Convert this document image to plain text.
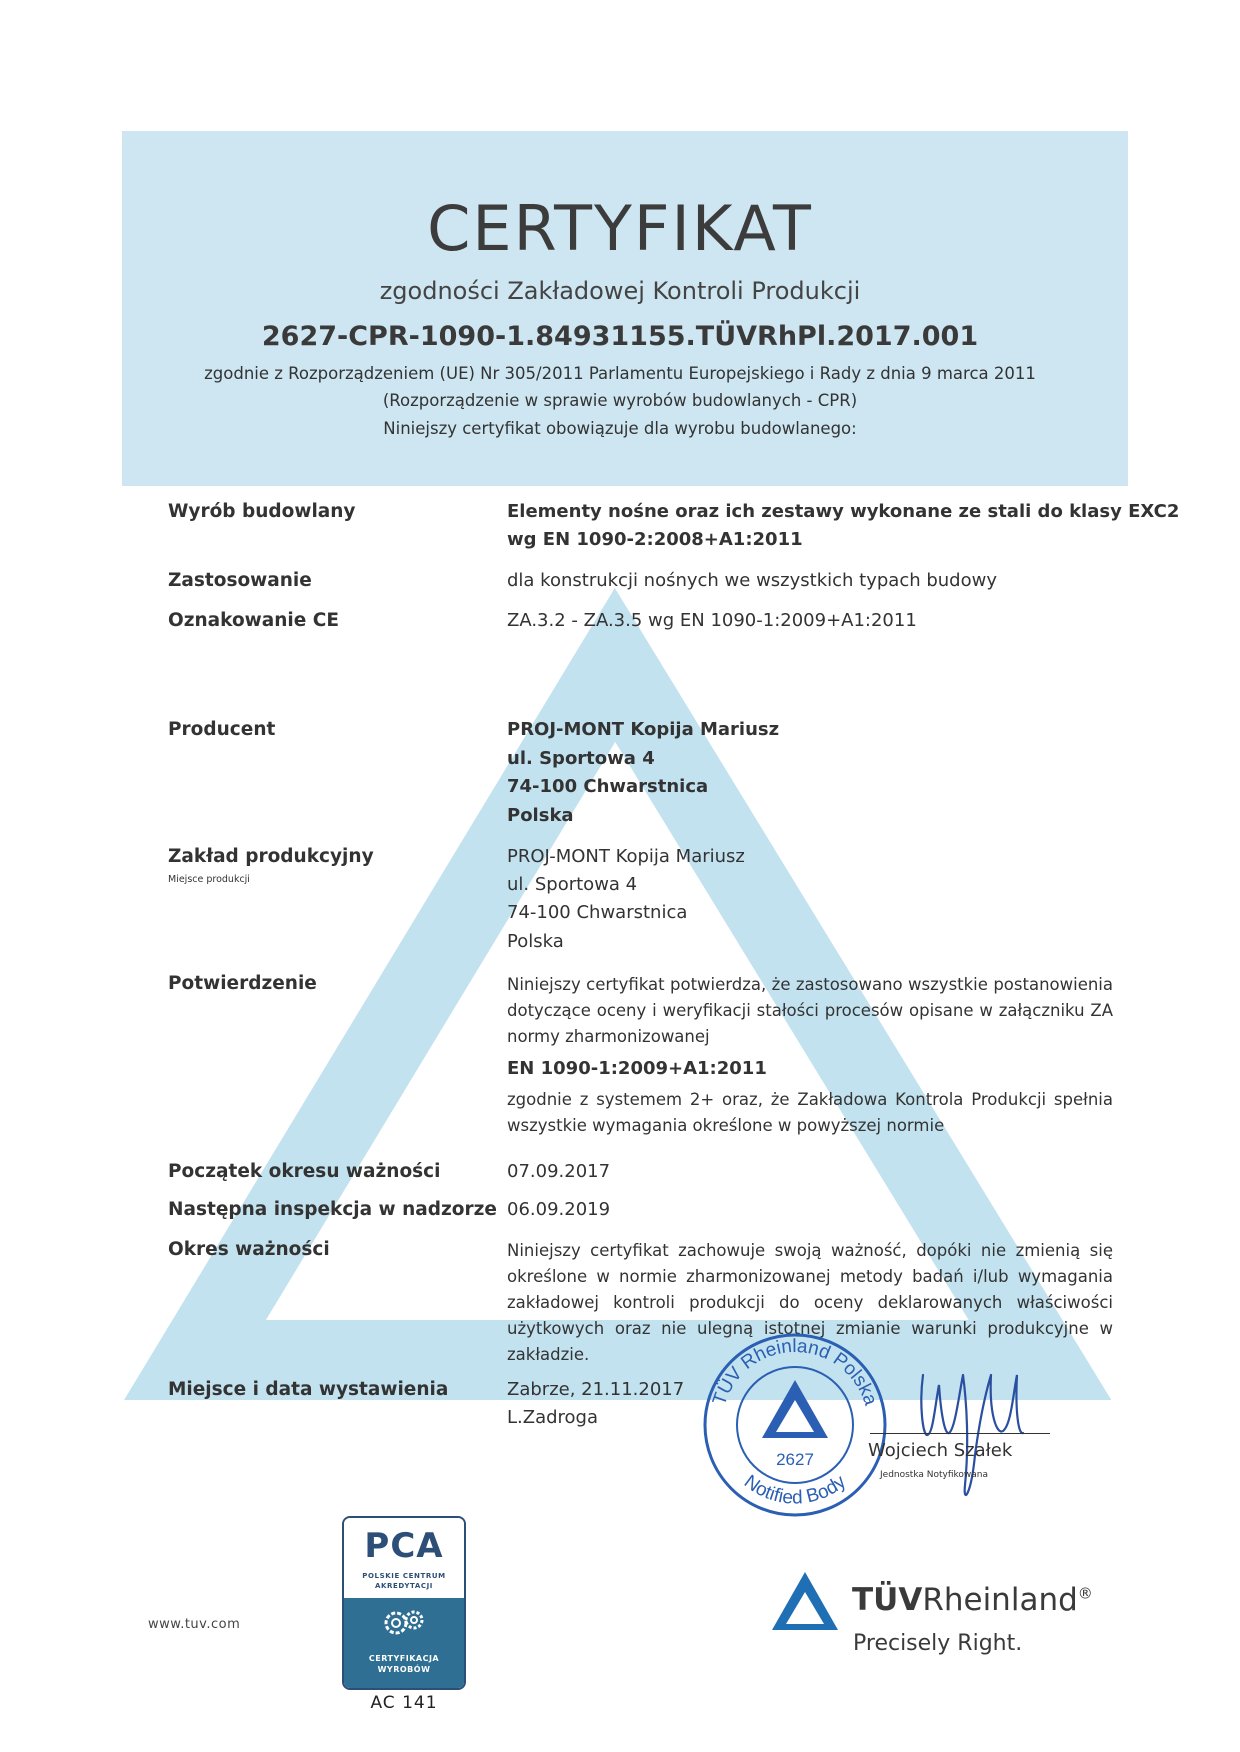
CERTYFIKAT
zgodności Zakładowej Kontroli Produkcji
2627-CPR-1090-1.84931155.TÜVRhPl.2017.001
zgodnie z Rozporządzeniem (UE) Nr 305/2011 Parlamentu Europejskiego i Rady z dnia 9 marca 2011
(Rozporządzenie w sprawie wyrobów budowlanych - CPR)
Niniejszy certyfikat obowiązuje dla wyrobu budowlanego:
Wyrób budowlany	Elementy nośne oraz ich zestawy wykonane ze stali do klasy EXC2
wg EN 1090-2:2008+A1:2011
Zastosowanie	dla konstrukcji nośnych we wszystkich typach budowy
Oznakowanie CE	ZA.3.2 - ZA.3.5 wg EN 1090-1:2009+A1:2011
Producent	PROJ-MONT Kopija Mariusz
ul. Sportowa 4
74-100 Chwarstnica
Polska
Zakład produkcyjny
Miejsce produkcji
PROJ-MONT Kopija Mariusz
ul. Sportowa 4
74-100 Chwarstnica
Polska
Potwierdzenie	Niniejszy certyfikat potwierdza, że zastosowano wszystkie postanowienia dotyczące oceny i weryfikacji stałości procesów opisane w załączniku ZA normy zharmonizowanej
EN 1090-1:2009+A1:2011
zgodnie z systemem 2+ oraz, że Zakładowa Kontrola Produkcji spełnia wszystkie wymagania określone w powyższej normie
Początek okresu ważności	07.09.2017
Następna inspekcja w nadzorze 06.09.2019
Okres ważności	Niniejszy certyfikat zachowuje swoją ważność, dopóki nie zmienią się określone w normie zharmonizowanej metody badań i/lub wymagania zakładowej kontroli produkcji do oceny deklarowanych właściwości użytkowych oraz nie ulegną istotnej zmianie warunki produkcyjne w zakładzie.
Miejsce i data wystawienia	Zabrze, 21.11.2017
L.Zadroga
TÜV Rheinland Polska
2627
Notified Body
Wojciech Szałek
Jednostka Notyfikowana
www.tuv.com
PCA
POLSKIE CENTRUM
AKREDYTACJI
CERTYFIKACJA
WYROBÓW
AC 141
TÜVRheinland®
Precisely Right.
